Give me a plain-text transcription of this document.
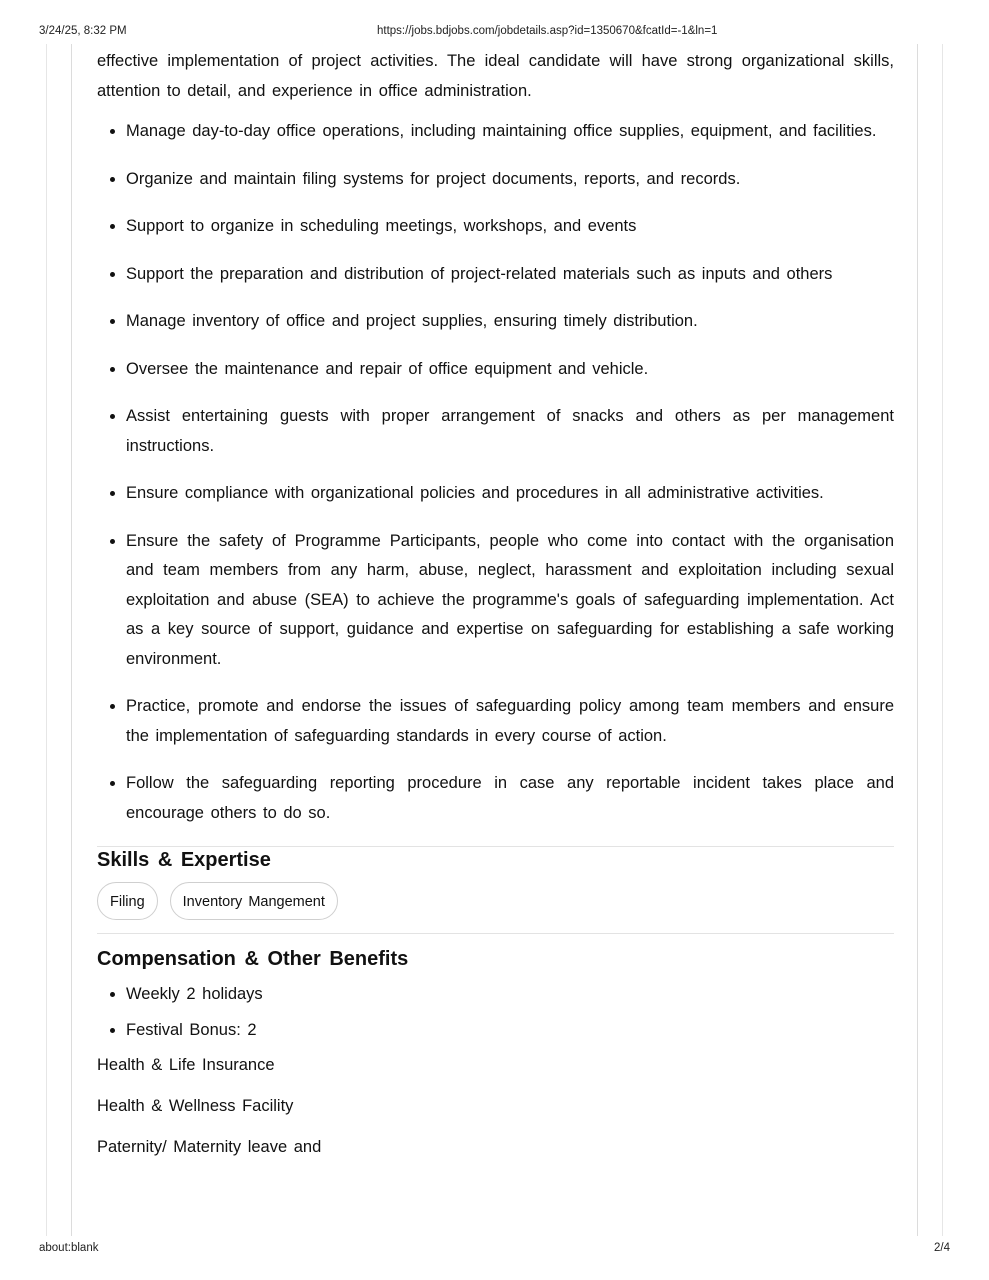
3/24/25, 8:32 PM	https://jobs.bdjobs.com/jobdetails.asp?id=1350670&fcatId=-1&ln=1

effective implementation of project activities. The ideal candidate will have strong organizational skills, attention to detail, and experience in office administration.

• Manage day-to-day office operations, including maintaining office supplies, equipment, and facilities.
• Organize and maintain filing systems for project documents, reports, and records.
• Support to organize in scheduling meetings, workshops, and events
• Support the preparation and distribution of project-related materials such as inputs and others
• Manage inventory of office and project supplies, ensuring timely distribution.
• Oversee the maintenance and repair of office equipment and vehicle.
• Assist entertaining guests with proper arrangement of snacks and others as per management instructions.
• Ensure compliance with organizational policies and procedures in all administrative activities.
• Ensure the safety of Programme Participants, people who come into contact with the organisation and team members from any harm, abuse, neglect, harassment and exploitation including sexual exploitation and abuse (SEA) to achieve the programme's goals of safeguarding implementation. Act as a key source of support, guidance and expertise on safeguarding for establishing a safe working environment.
• Practice, promote and endorse the issues of safeguarding policy among team members and ensure the implementation of safeguarding standards in every course of action.
• Follow the safeguarding reporting procedure in case any reportable incident takes place and encourage others to do so.
Skills & Expertise
Filing	Inventory Mangement
Compensation & Other Benefits
• Weekly 2 holidays
• Festival Bonus: 2
Health & Life Insurance
Health & Wellness Facility
Paternity/ Maternity leave and
about:blank	2/4
